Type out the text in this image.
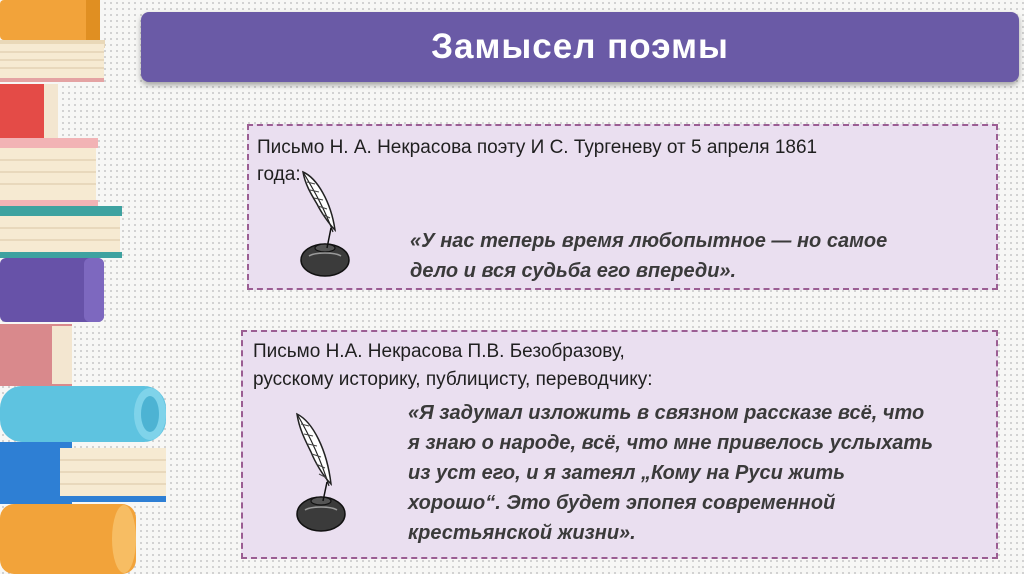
Замысел поэмы
Письмо Н. А. Некрасова поэту И С. Тургеневу от 5 апреля 1861
года:
«У нас теперь время любопытное — но самое
дело и вся судьба его впереди».
Письмо Н.А. Некрасова П.В. Безобразову,
русскому историку, публицисту, переводчику:
«Я задумал изложить в связном рассказе всё, что
я знаю о народе, всё, что мне привелось услыхать
из уст его, и я затеял „Кому на Руси жить
хорошо“. Это будет эпопея современной
крестьянской жизни».
